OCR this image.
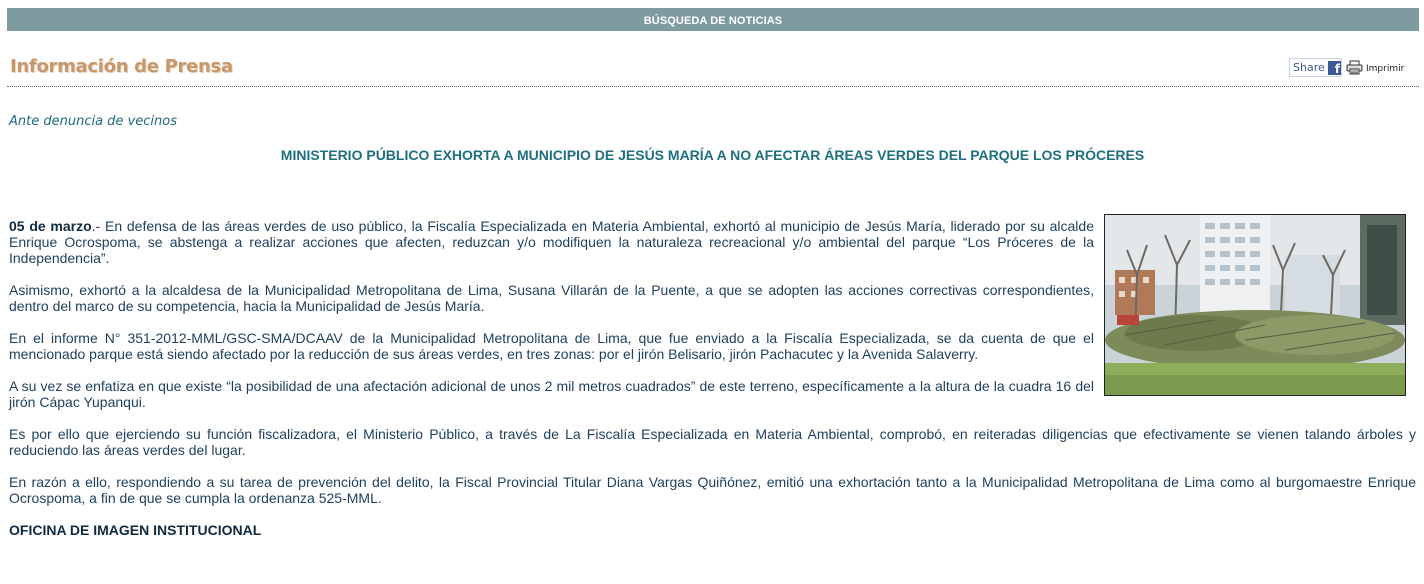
BÚSQUEDA DE NOTICIAS
Información de Prensa	Share f	Imprimir
Ante denuncia de vecinos
MINISTERIO PÚBLICO EXHORTA A MUNICIPIO DE JESÚS MARÍA A NO AFECTAR ÁREAS VERDES DEL PARQUE LOS PRÓCERES

05 de marzo.- En defensa de las áreas verdes de uso público, la Fiscalía Especializada en Materia Ambiental, exhortó al municipio de Jesús María, liderado por su alcalde Enrique Ocrospoma, se abstenga a realizar acciones que afecten, reduzcan y/o modifiquen la naturaleza recreacional y/o ambiental del parque “Los Próceres de la Independencia”.

Asimismo, exhortó a la alcaldesa de la Municipalidad Metropolitana de Lima, Susana Villarán de la Puente, a que se adopten las acciones correctivas correspondientes, dentro del marco de su competencia, hacia la Municipalidad de Jesús María.

En el informe N° 351-2012-MML/GSC-SMA/DCAAV de la Municipalidad Metropolitana de Lima, que fue enviado a la Fiscalía Especializada, se da cuenta de que el mencionado parque está siendo afectado por la reducción de sus áreas verdes, en tres zonas: por el jirón Belisario, jirón Pachacutec y la Avenida Salaverry.

A su vez se enfatiza en que existe “la posibilidad de una afectación adicional de unos 2 mil metros cuadrados” de este terreno, específicamente a la altura de la cuadra 16 del jirón Cápac Yupanqui.

Es por ello que ejerciendo su función fiscalizadora, el Ministerio Público, a través de La Fiscalía Especializada en Materia Ambiental, comprobó, en reiteradas diligencias que efectivamente se vienen talando árboles y reduciendo las áreas verdes del lugar.

En razón a ello, respondiendo a su tarea de prevención del delito, la Fiscal Provincial Titular Diana Vargas Quiñónez, emitió una exhortación tanto a la Municipalidad Metropolitana de Lima como al burgomaestre Enrique Ocrospoma, a fin de que se cumpla la ordenanza 525-MML.

OFICINA DE IMAGEN INSTITUCIONAL
